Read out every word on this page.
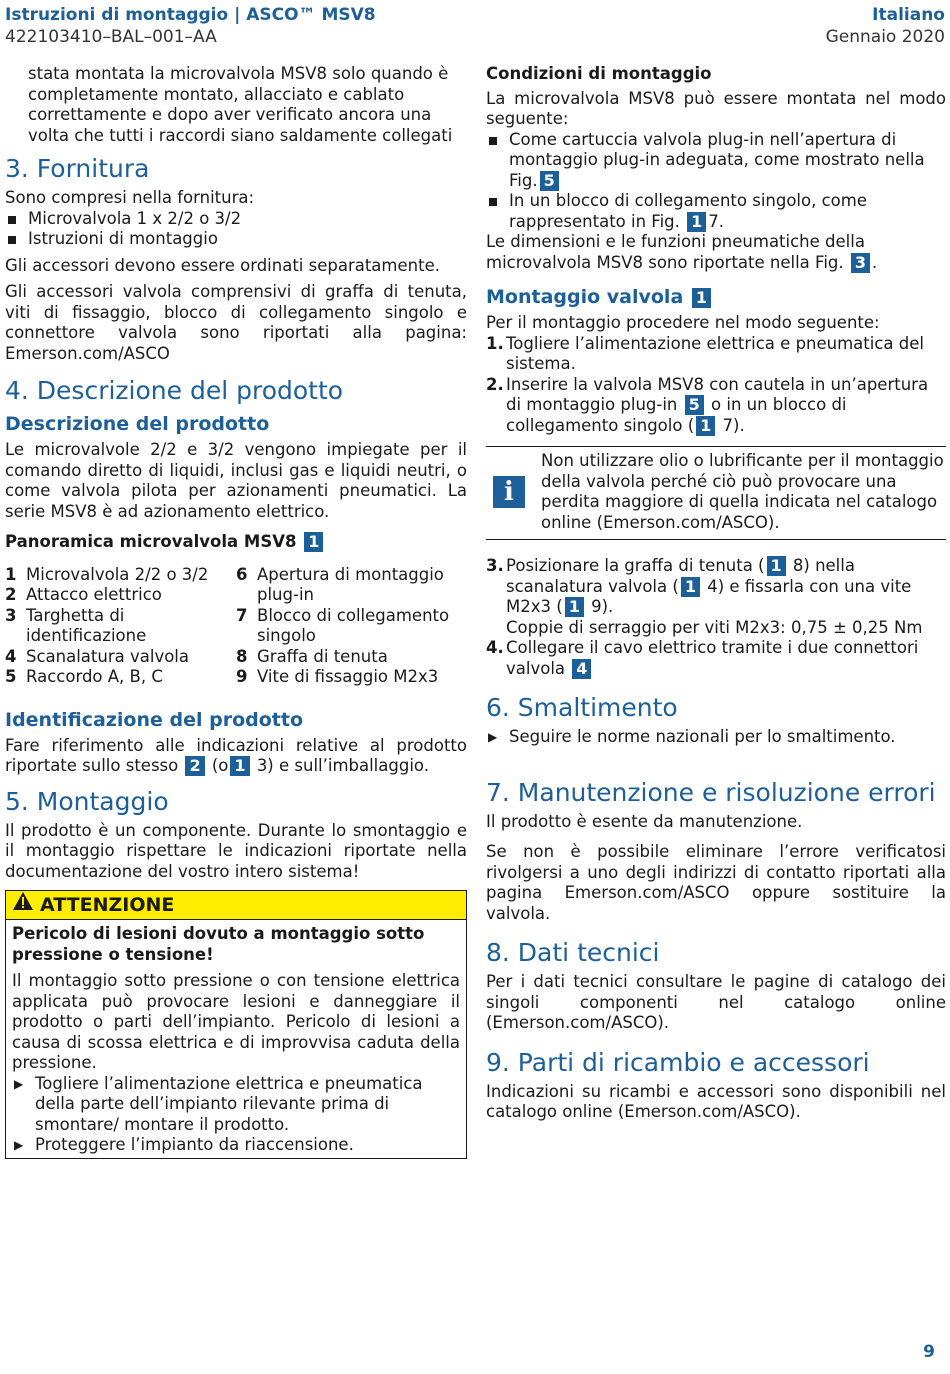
Istruzioni di montaggio | ASCO™ MSV8
422103410–BAL–001–AA
Italiano
Gennaio 2020

stata montata la microvalvola MSV8 solo quando è completamente montato, allacciato e cablato correttamente e dopo aver verificato ancora una volta che tutti i raccordi siano saldamente collegati

3. Fornitura

Sono compresi nella fornitura:

Microvalvola 1 x 2/2 o 3/2
Istruzioni di montaggio

Gli accessori devono essere ordinati separatamente.

Gli accessori valvola comprensivi di graffa di tenuta, viti di fissaggio, blocco di collegamento singolo e connettore valvola sono riportati alla pagina: Emerson.com/ASCO

4. Descrizione del prodotto
Descrizione del prodotto

Le microvalvole 2/2 e 3/2 vengono impiegate per il comando diretto di liquidi, inclusi gas e liquidi neutri, o come valvola pilota per azionamenti pneumatici. La serie MSV8 è ad azionamento elettrico.

Panoramica microvalvola MSV8 1
1 Microvalvola 2/2 o 3/2
2 Attacco elettrico
3 Targhetta di identificazione
4 Scanalatura valvola
5 Raccordo A, B, C
6 Apertura di montaggio plug-in
7 Blocco di collegamento singolo
8 Graffa di tenuta
9 Vite di fissaggio M2x3
Identificazione del prodotto

Fare riferimento alle indicazioni relative al prodotto riportate sullo stesso 2 (o 1 3) e sull’imballaggio.

5. Montaggio

Il prodotto è un componente. Durante lo smontaggio e il montaggio rispettare le indicazioni riportate nella documentazione del vostro intero sistema!

ATTENZIONE

Pericolo di lesioni dovuto a montaggio sotto pressione o tensione!

Il montaggio sotto pressione o con tensione elettrica applicata può provocare lesioni e danneggiare il prodotto o parti dell’impianto. Pericolo di lesioni a causa di scossa elettrica e di improvvisa caduta della pressione.

▶ Togliere l’alimentazione elettrica e pneumatica della parte dell’impianto rilevante prima di smontare/ montare il prodotto.
▶ Proteggere l’impianto da riaccensione.
Condizioni di montaggio

La microvalvola MSV8 può essere montata nel modo seguente:

Come cartuccia valvola plug-in nell’apertura di montaggio plug-in adeguata, come mostrato nella Fig. 5
In un blocco di collegamento singolo, come rappresentato in Fig. 1 7.

Le dimensioni e le funzioni pneumatiche della microvalvola MSV8 sono riportate nella Fig. 3 .

Montaggio valvola 1

Per il montaggio procedere nel modo seguente:

1. Togliere l’alimentazione elettrica e pneumatica del sistema.
2. Inserire la valvola MSV8 con cautela in un’apertura di montaggio plug-in 5 o in un blocco di collegamento singolo ( 1 7).
i

Non utilizzare olio o lubrificante per il montaggio della valvola perché ciò può provocare una perdita maggiore di quella indicata nel catalogo online (Emerson.com/ASCO).

3. Posizionare la graffa di tenuta ( 1 8) nella scanalatura valvola ( 1 4) e fissarla con una vite M2x3 ( 1 9).
Coppie di serraggio per viti M2x3: 0,75 ± 0,25 Nm
4. Collegare il cavo elettrico tramite i due connettori valvola 4
6. Smaltimento
▶ Seguire le norme nazionali per lo smaltimento.
7. Manutenzione e risoluzione errori

Il prodotto è esente da manutenzione.

Se non è possibile eliminare l’errore verificatosi rivolgersi a uno degli indirizzi di contatto riportati alla pagina Emerson.com/ASCO oppure sostituire la valvola.

8. Dati tecnici

Per i dati tecnici consultare le pagine di catalogo dei singoli componenti nel catalogo online (Emerson.com/ASCO).

9. Parti di ricambio e accessori

Indicazioni su ricambi e accessori sono disponibili nel catalogo online (Emerson.com/ASCO).

9
